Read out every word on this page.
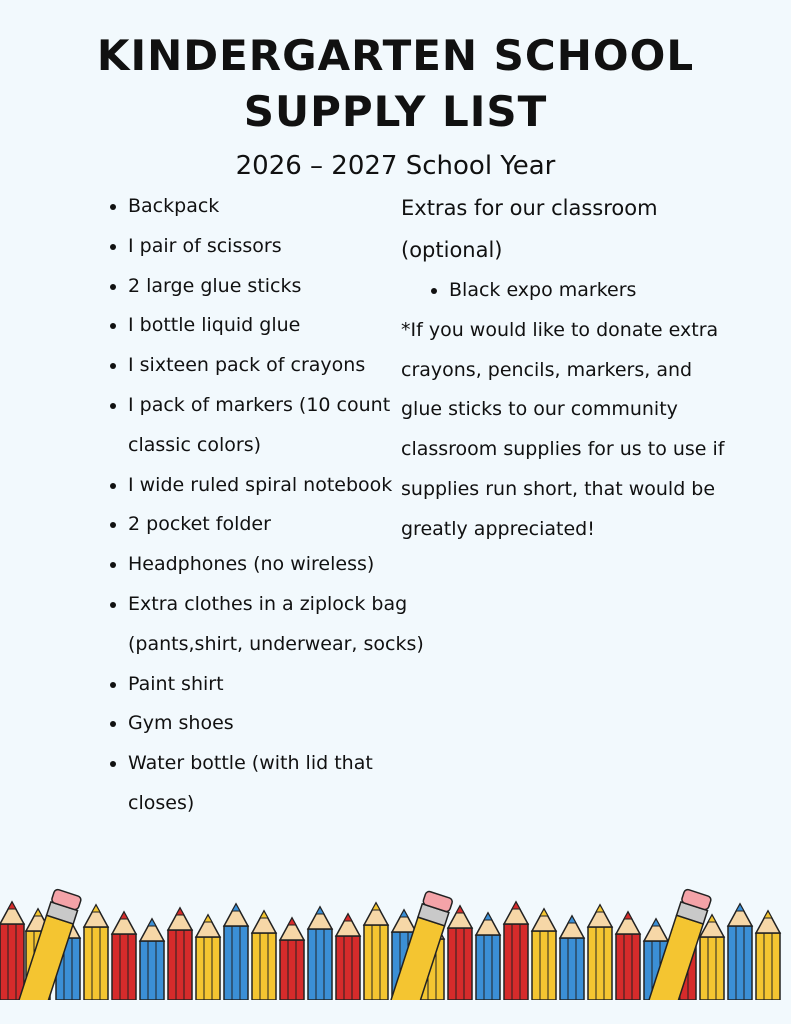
KINDERGARTEN SCHOOL SUPPLY LIST
2026 – 2027 School Year
• Backpack
• I pair of scissors
• 2 large glue sticks
• I bottle liquid glue
• I sixteen pack of crayons
• I pack of markers (10 count classic colors)
• I wide ruled spiral notebook
• 2 pocket folder
• Headphones (no wireless)
• Extra clothes in a ziplock bag (pants,shirt, underwear, socks)
• Paint shirt
• Gym shoes
• Water bottle (with lid that closes)
Extras for our classroom (optional)
• Black expo markers

*If you would like to donate extra crayons, pencils, markers, and glue sticks to our community classroom supplies for us to use if supplies run short, that would be greatly appreciated!
